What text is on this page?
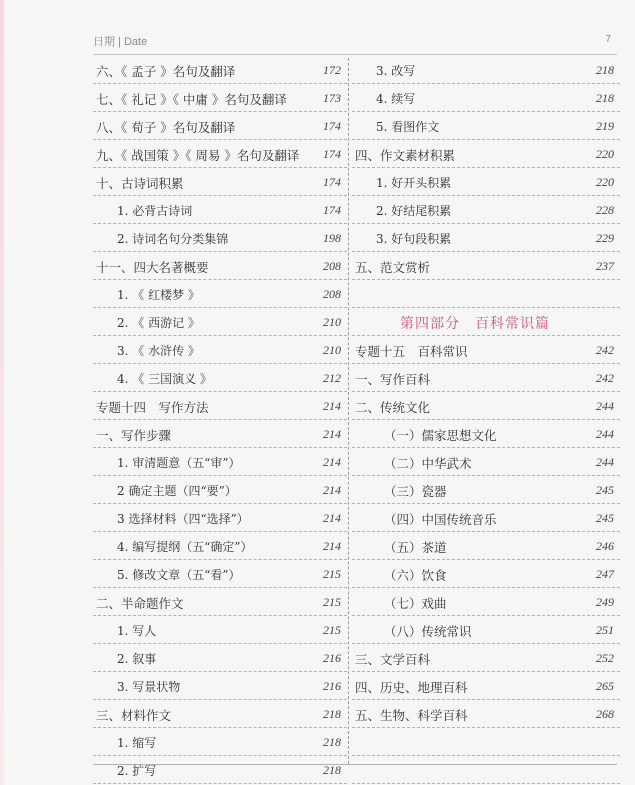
日期 | Date	7
六、《 孟子 》名句及翻译	172
七、《 礼记 》《 中庸 》名句及翻译	173
八、《 荀子 》名句及翻译	174
九、《 战国策 》《 周易 》名句及翻译 174
十、古诗词积累	174
1. 必背古诗词	174
2. 诗词名句分类集锦	198
十一、四大名著概要	208
1. 《 红楼梦 》	208
2. 《 西游记 》	210
3. 《 水浒传 》	210
4. 《 三国演义 》	212
专题十四　写作方法	214
一、写作步骤	214
1. 审清题意（五“审”）	214
2 确定主题（四“要”）	214
3 选择材料（四“选择”）	214
4. 编写提纲（五“确定”）	214
5. 修改文章（五“看”）	215
二、半命题作文	215
1. 写人	215
2. 叙事	216
3. 写景状物	216
三、材料作文	218
1. 缩写	218
2. 扩写	218
3. 改写	218
4. 续写	218
5. 看图作文	219
四、作文素材积累	220
1. 好开头积累	220
2. 好结尾积累	228
3. 好句段积累	229
五、范文赏析	237
第四部分　百科常识篇
专题十五　百科常识	242
一、写作百科	242
二、传统文化	244
（一）儒家思想文化	244
（二）中华武术	244
（三）瓷器	245
（四）中国传统音乐	245
（五）茶道	246
（六）饮食	247
（七）戏曲	249
（八）传统常识	251
三、文学百科	252
四、历史、地理百科	265
五、生物、科学百科	268
